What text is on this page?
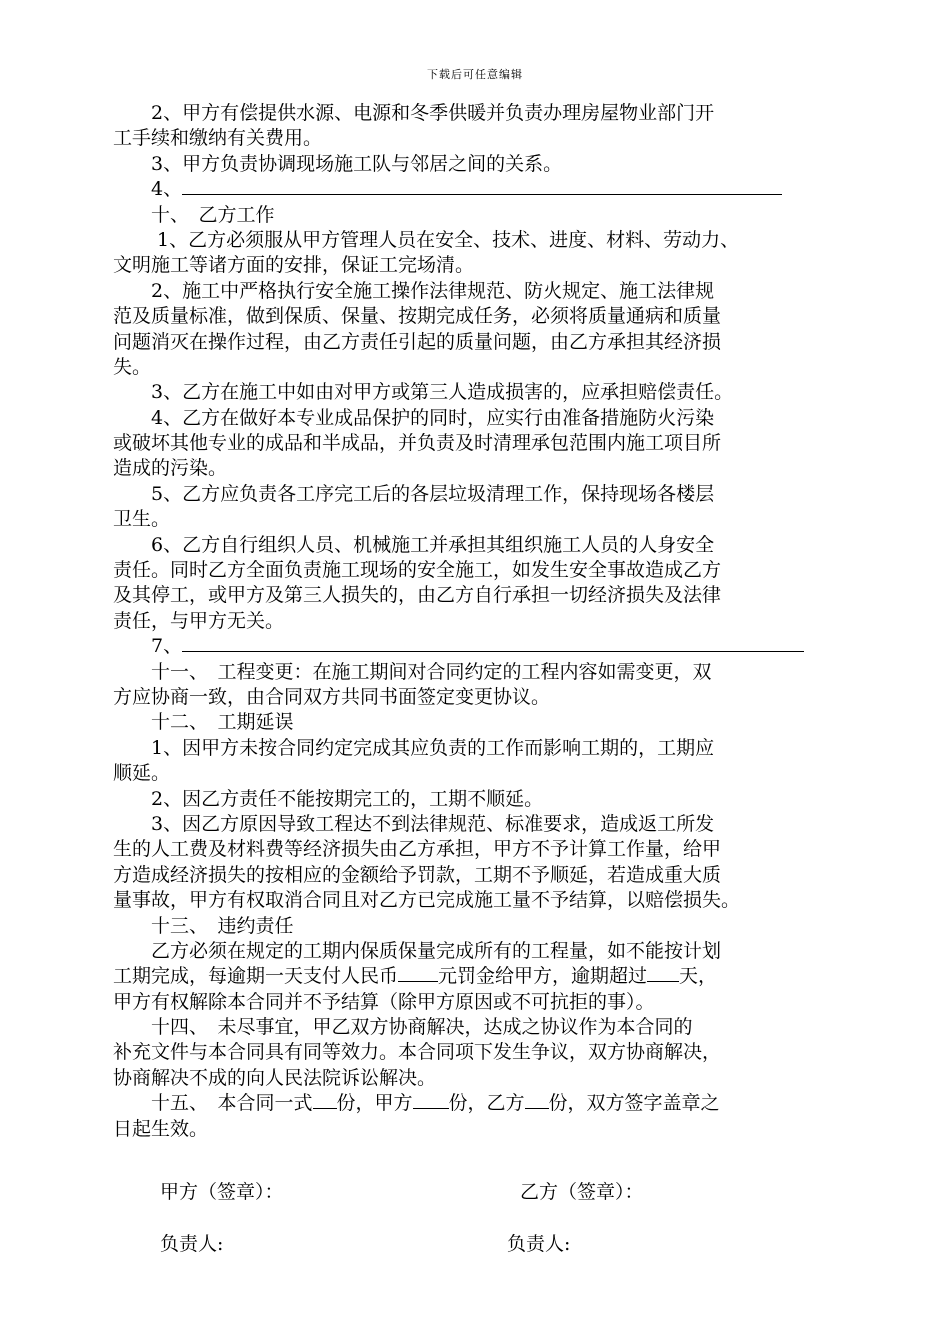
下载后可任意编辑
　　2、甲方有偿提供水源、电源和冬季供暖并负责办理房屋物业部门开
工手续和缴纳有关费用。
　　3、甲方负责协调现场施工队与邻居之间的关系。
　　4、
　　十、　乙方工作
　　 1、乙方必须服从甲方管理人员在安全、技术、进度、材料、劳动力、
文明施工等诸方面的安排，保证工完场清。
　　2、施工中严格执行安全施工操作法律规范、防火规定、施工法律规
范及质量标准，做到保质、保量、按期完成任务，必须将质量通病和质量
问题消灭在操作过程，由乙方责任引起的质量问题，由乙方承担其经济损
失。
　　3、乙方在施工中如由对甲方或第三人造成损害的，应承担赔偿责任。
　　4、乙方在做好本专业成品保护的同时，应实行由准备措施防火污染
或破坏其他专业的成品和半成品，并负责及时清理承包范围内施工项目所
造成的污染。
　　5、乙方应负责各工序完工后的各层垃圾清理工作，保持现场各楼层
卫生。
　　6、乙方自行组织人员、机械施工并承担其组织施工人员的人身安全
责任。同时乙方全面负责施工现场的安全施工，如发生安全事故造成乙方
及其停工，或甲方及第三人损失的，由乙方自行承担一切经济损失及法律
责任，与甲方无关。
　　7、
　　十一、　工程变更：在施工期间对合同约定的工程内容如需变更，双
方应协商一致，由合同双方共同书面签定变更协议。
　　十二、　工期延误
　　1、因甲方未按合同约定完成其应负责的工作而影响工期的，工期应
顺延。
　　2、因乙方责任不能按期完工的，工期不顺延。
　　3、因乙方原因导致工程达不到法律规范、标准要求，造成返工所发
生的人工费及材料费等经济损失由乙方承担，甲方不予计算工作量，给甲
方造成经济损失的按相应的金额给予罚款，工期不予顺延，若造成重大质
量事故，甲方有权取消合同且对乙方已完成施工量不予结算，以赔偿损失。
　　十三、　违约责任
　　乙方必须在规定的工期内保质保量完成所有的工程量，如不能按计划
工期完成，每逾期一天支付人民币 元罚金给甲方，逾期超过 天，
甲方有权解除本合同并不予结算（除甲方原因或不可抗拒的事）。
　　十四、　未尽事宜，甲乙双方协商解决，达成之协议作为本合同的
补充文件与本合同具有同等效力。本合同项下发生争议，双方协商解决，
协商解决不成的向人民法院诉讼解决。
　　十五、　本合同一式 份，甲方 份，乙方 份，双方签字盖章之
日起生效。
甲方（签章）：	乙方（签章）：
负责人:	负责人:
